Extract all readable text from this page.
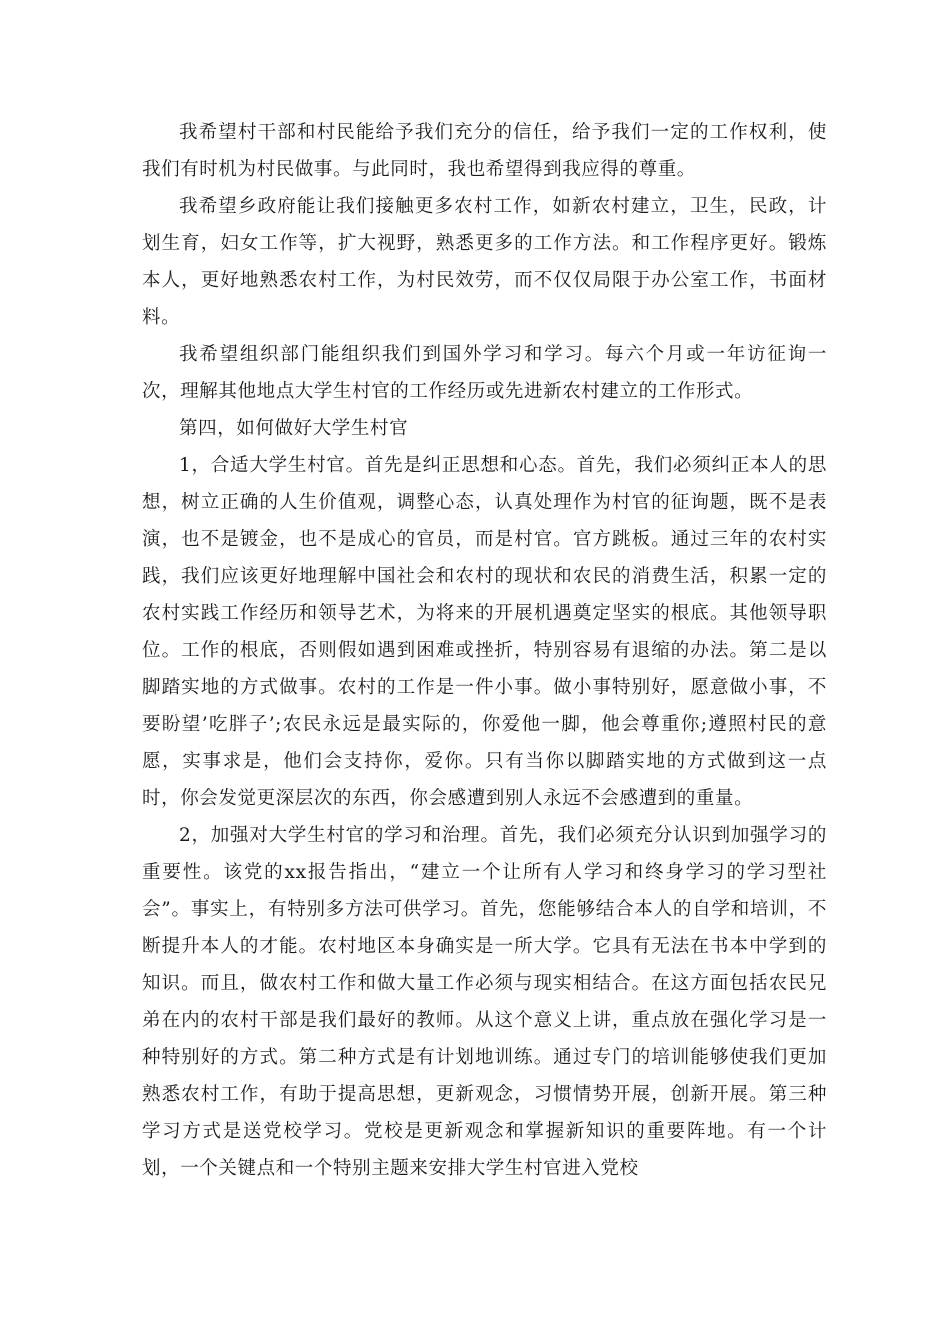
我希望村干部和村民能给予我们充分的信任，给予我们一定的工作权利，使我们有时机为村民做事。与此同时，我也希望得到我应得的尊重。

我希望乡政府能让我们接触更多农村工作，如新农村建立，卫生，民政，计划生育，妇女工作等，扩大视野，熟悉更多的工作方法。和工作程序更好。锻炼本人，更好地熟悉农村工作，为村民效劳，而不仅仅局限于办公室工作，书面材料。

我希望组织部门能组织我们到国外学习和学习。每六个月或一年访征询一次，理解其他地点大学生村官的工作经历或先进新农村建立的工作形式。

第四，如何做好大学生村官

1，合适大学生村官。首先是纠正思想和心态。首先，我们必须纠正本人的思想，树立正确的人生价值观，调整心态，认真处理作为村官的征询题，既不是表演，也不是镀金，也不是成心的官员，而是村官。官方跳板。通过三年的农村实践，我们应该更好地理解中国社会和农村的现状和农民的消费生活，积累一定的农村实践工作经历和领导艺术，为将来的开展机遇奠定坚实的根底。其他领导职位。工作的根底，否则假如遇到困难或挫折，特别容易有退缩的办法。第二是以脚踏实地的方式做事。农村的工作是一件小事。做小事特别好，愿意做小事，不要盼望’吃胖子’;农民永远是最实际的，你爱他一脚，他会尊重你;遵照村民的意愿，实事求是，他们会支持你，爱你。只有当你以脚踏实地的方式做到这一点时，你会发觉更深层次的东西，你会感遭到别人永远不会感遭到的重量。

2，加强对大学生村官的学习和治理。首先，我们必须充分认识到加强学习的重要性。该党的xx报告指出，“建立一个让所有人学习和终身学习的学习型社会”。事实上，有特别多方法可供学习。首先，您能够结合本人的自学和培训，不断提升本人的才能。农村地区本身确实是一所大学。它具有无法在书本中学到的知识。而且，做农村工作和做大量工作必须与现实相结合。在这方面包括农民兄弟在内的农村干部是我们最好的教师。从这个意义上讲，重点放在强化学习是一种特别好的方式。第二种方式是有计划地训练。通过专门的培训能够使我们更加熟悉农村工作，有助于提高思想，更新观念，习惯情势开展，创新开展。第三种学习方式是送党校学习。党校是更新观念和掌握新知识的重要阵地。有一个计划，一个关键点和一个特别主题来安排大学生村官进入党校
